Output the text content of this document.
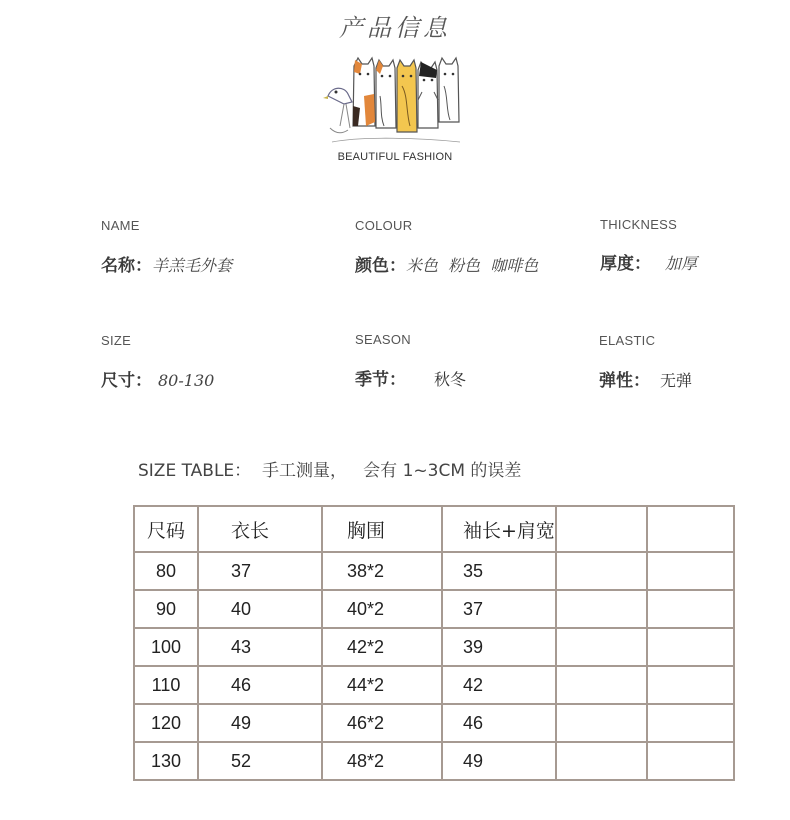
产品信息
BEAUTIFUL FASHION
NAME
名称：羊羔毛外套
COLOUR
颜色：米色  粉色  咖啡色
THICKNESS
厚度： 加厚
SIZE
尺寸： 80-130
SEASON
季节： 秋冬
ELASTIC
弹性： 无弹
SIZE TABLE：  手工测量，   会有 1~3CM 的误差
尺码	衣长	胸围	袖长+肩宽		
80	37	38*2	35		
90	40	40*2	37		
100	43	42*2	39		
110	46	44*2	42		
120	49	46*2	46		
130	52	48*2	49		
